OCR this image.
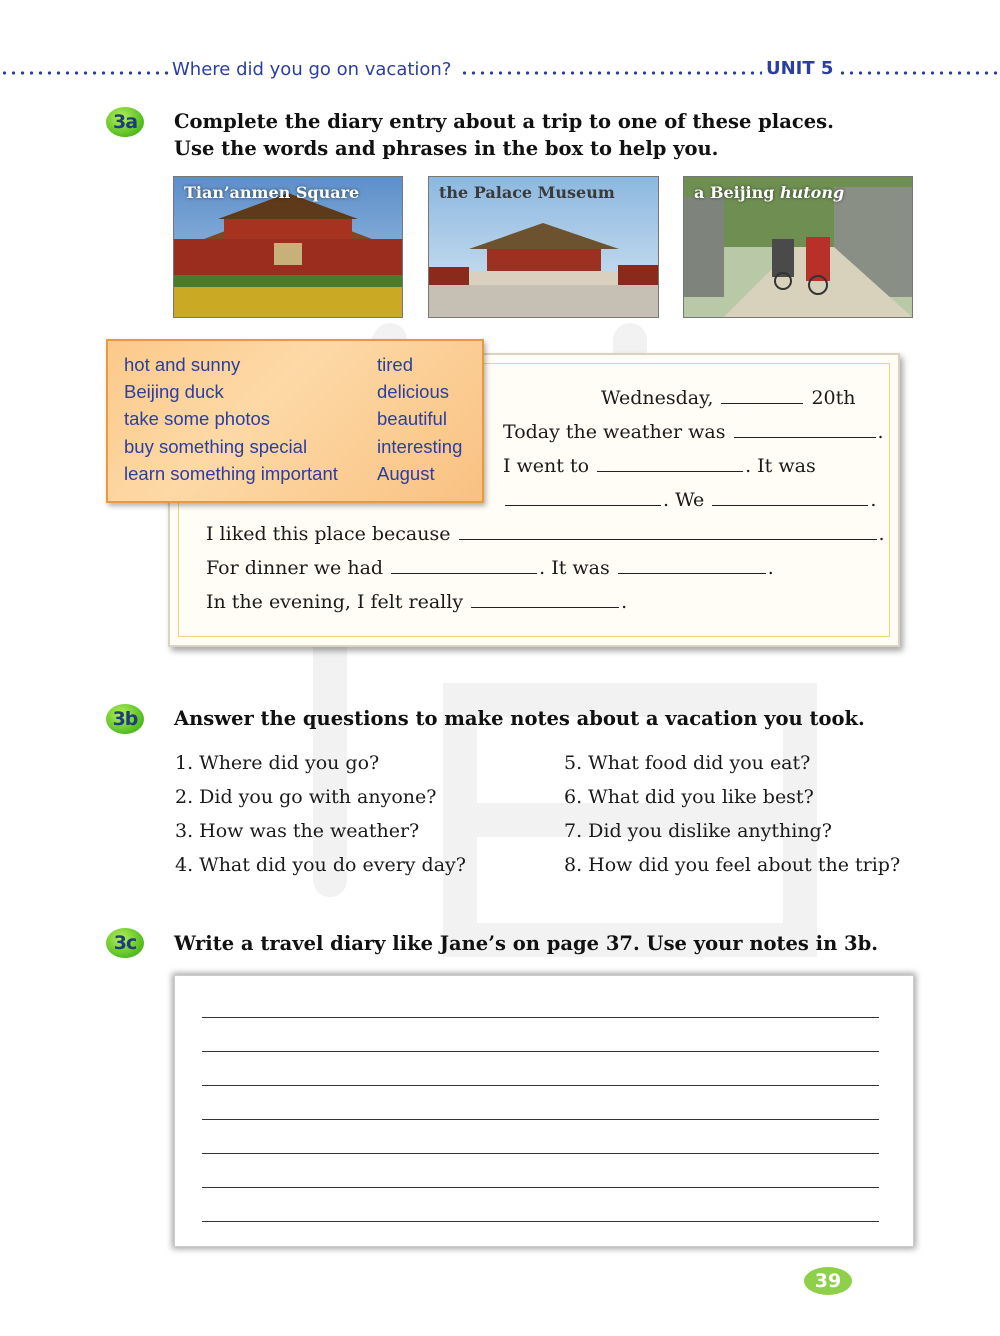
Where did you go on vacation?	UNIT 5
3a	Complete the diary entry about a trip to one of these places.
Use the words and phrases in the box to help you.
Tian’anmen Square	the Palace Museum	a Beijing hutong
Wednesday,	20th
Today the weather was	.
I went to	. It was
. We	.
I liked this place because	.
For dinner we had	. It was	.
In the evening, I felt really	.
hot and sunny
Beijing duck
take some photos
buy something special
learn something important
tired
delicious
beautiful
interesting
August
3b	Answer the questions to make notes about a vacation you took.
1. Where did you go?
2. Did you go with anyone?
3. How was the weather?
4. What did you do every day?
5. What food did you eat?
6. What did you like best?
7. Did you dislike anything?
8. How did you feel about the trip?
3c	Write a travel diary like Jane’s on page 37. Use your notes in 3b.
39
